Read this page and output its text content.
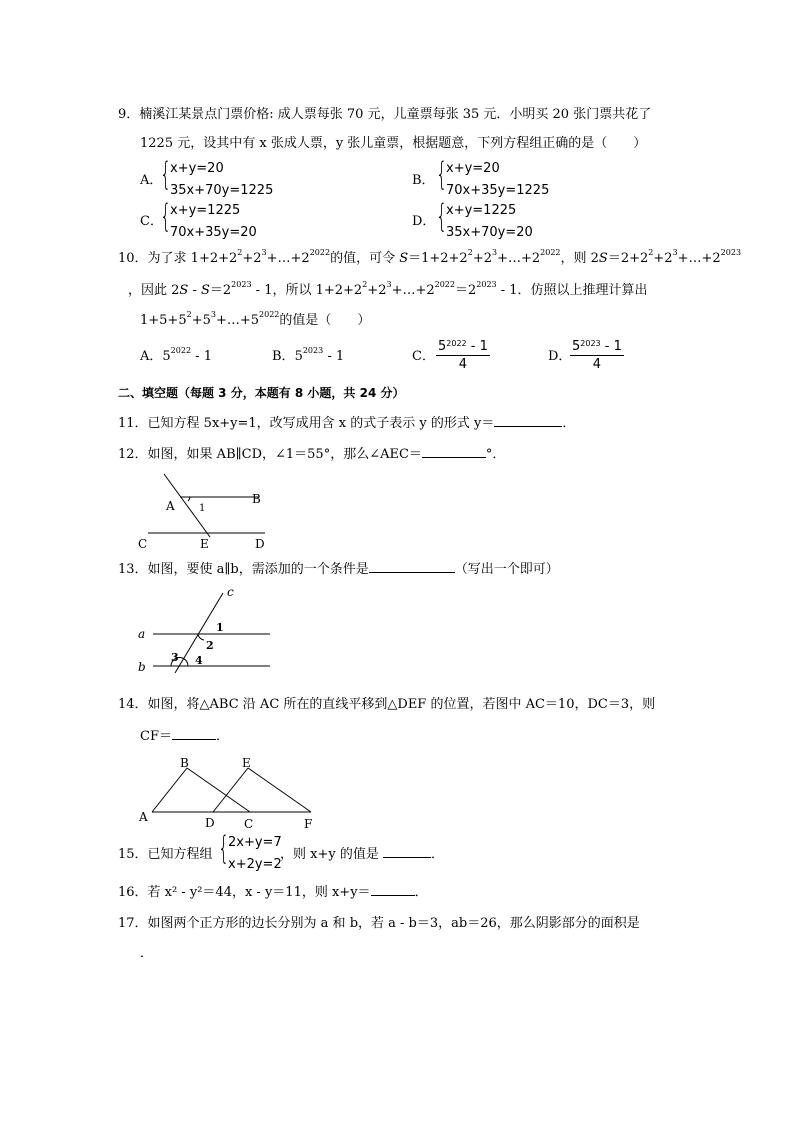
9．楠溪江某景点门票价格: 成人票每张 70 元，儿童票每张 35 元．小明买 20 张门票共花了
1225 元，设其中有 x 张成人票，y 张儿童票，根据题意，下列方程组正确的是（　　）
A．
{
x+y=20
35x+70y=1225
B． {
x+y=20
70x+35y=1225
C．
{
x+y=1225
70x+35y=20
D． {
x+y=1225
35x+70y=20
10．为了求 $1+2+2^2+2^3+\dots+2^{2022}$的值，可令 $S=1+2+2^2+2^3+\dots+2^{2022}$，则 $2S=2+2^2+2^3+\dots+2^{2023}$
，因此 $2S - S=2^{2023} - 1$，所以 $1+2+2^2+2^3+\dots+2^{2022}=2^{2023} - 1$．仿照以上推理计算出
$1+5+5^2+5^3+\dots+5^{2022}$的值是（　　）
A．$5^{2022} - 1$	B．$5^{2023} - 1$	C． $\frac{5^{2022} - 1}{4}$	D．
$\frac{5^{2023} - 1}{4}$
二、填空题（每题 3 分，本题有 8 小题，共 24 分）
11．已知方程 5x+y=1，改写成用含 x 的式子表示 y 的形式 y＝	．
12．如图，如果 AB∥CD，∠1＝55°，那么∠AEC＝	°．
A	B
C	E	D
1
13．如图，要使 a∥b，需添加的一个条件是	（写出一个即可）
a
b
c
1
2
3 4
14．如图，将△ABC 沿 AC 所在的直线平移到△DEF 的位置，若图中 AC＝10，DC＝3，则
CF＝	．
A
B
C
D
E
F
15．已知方程组 {
2x+y=7
x+2y=2
，则 x+y 的值是	．
16．若 x² - y²＝44，x - y＝11，则 x+y＝	．
17．如图两个正方形的边长分别为 a 和 b，若 a - b＝3，ab＝26，那么阴影部分的面积是
．
